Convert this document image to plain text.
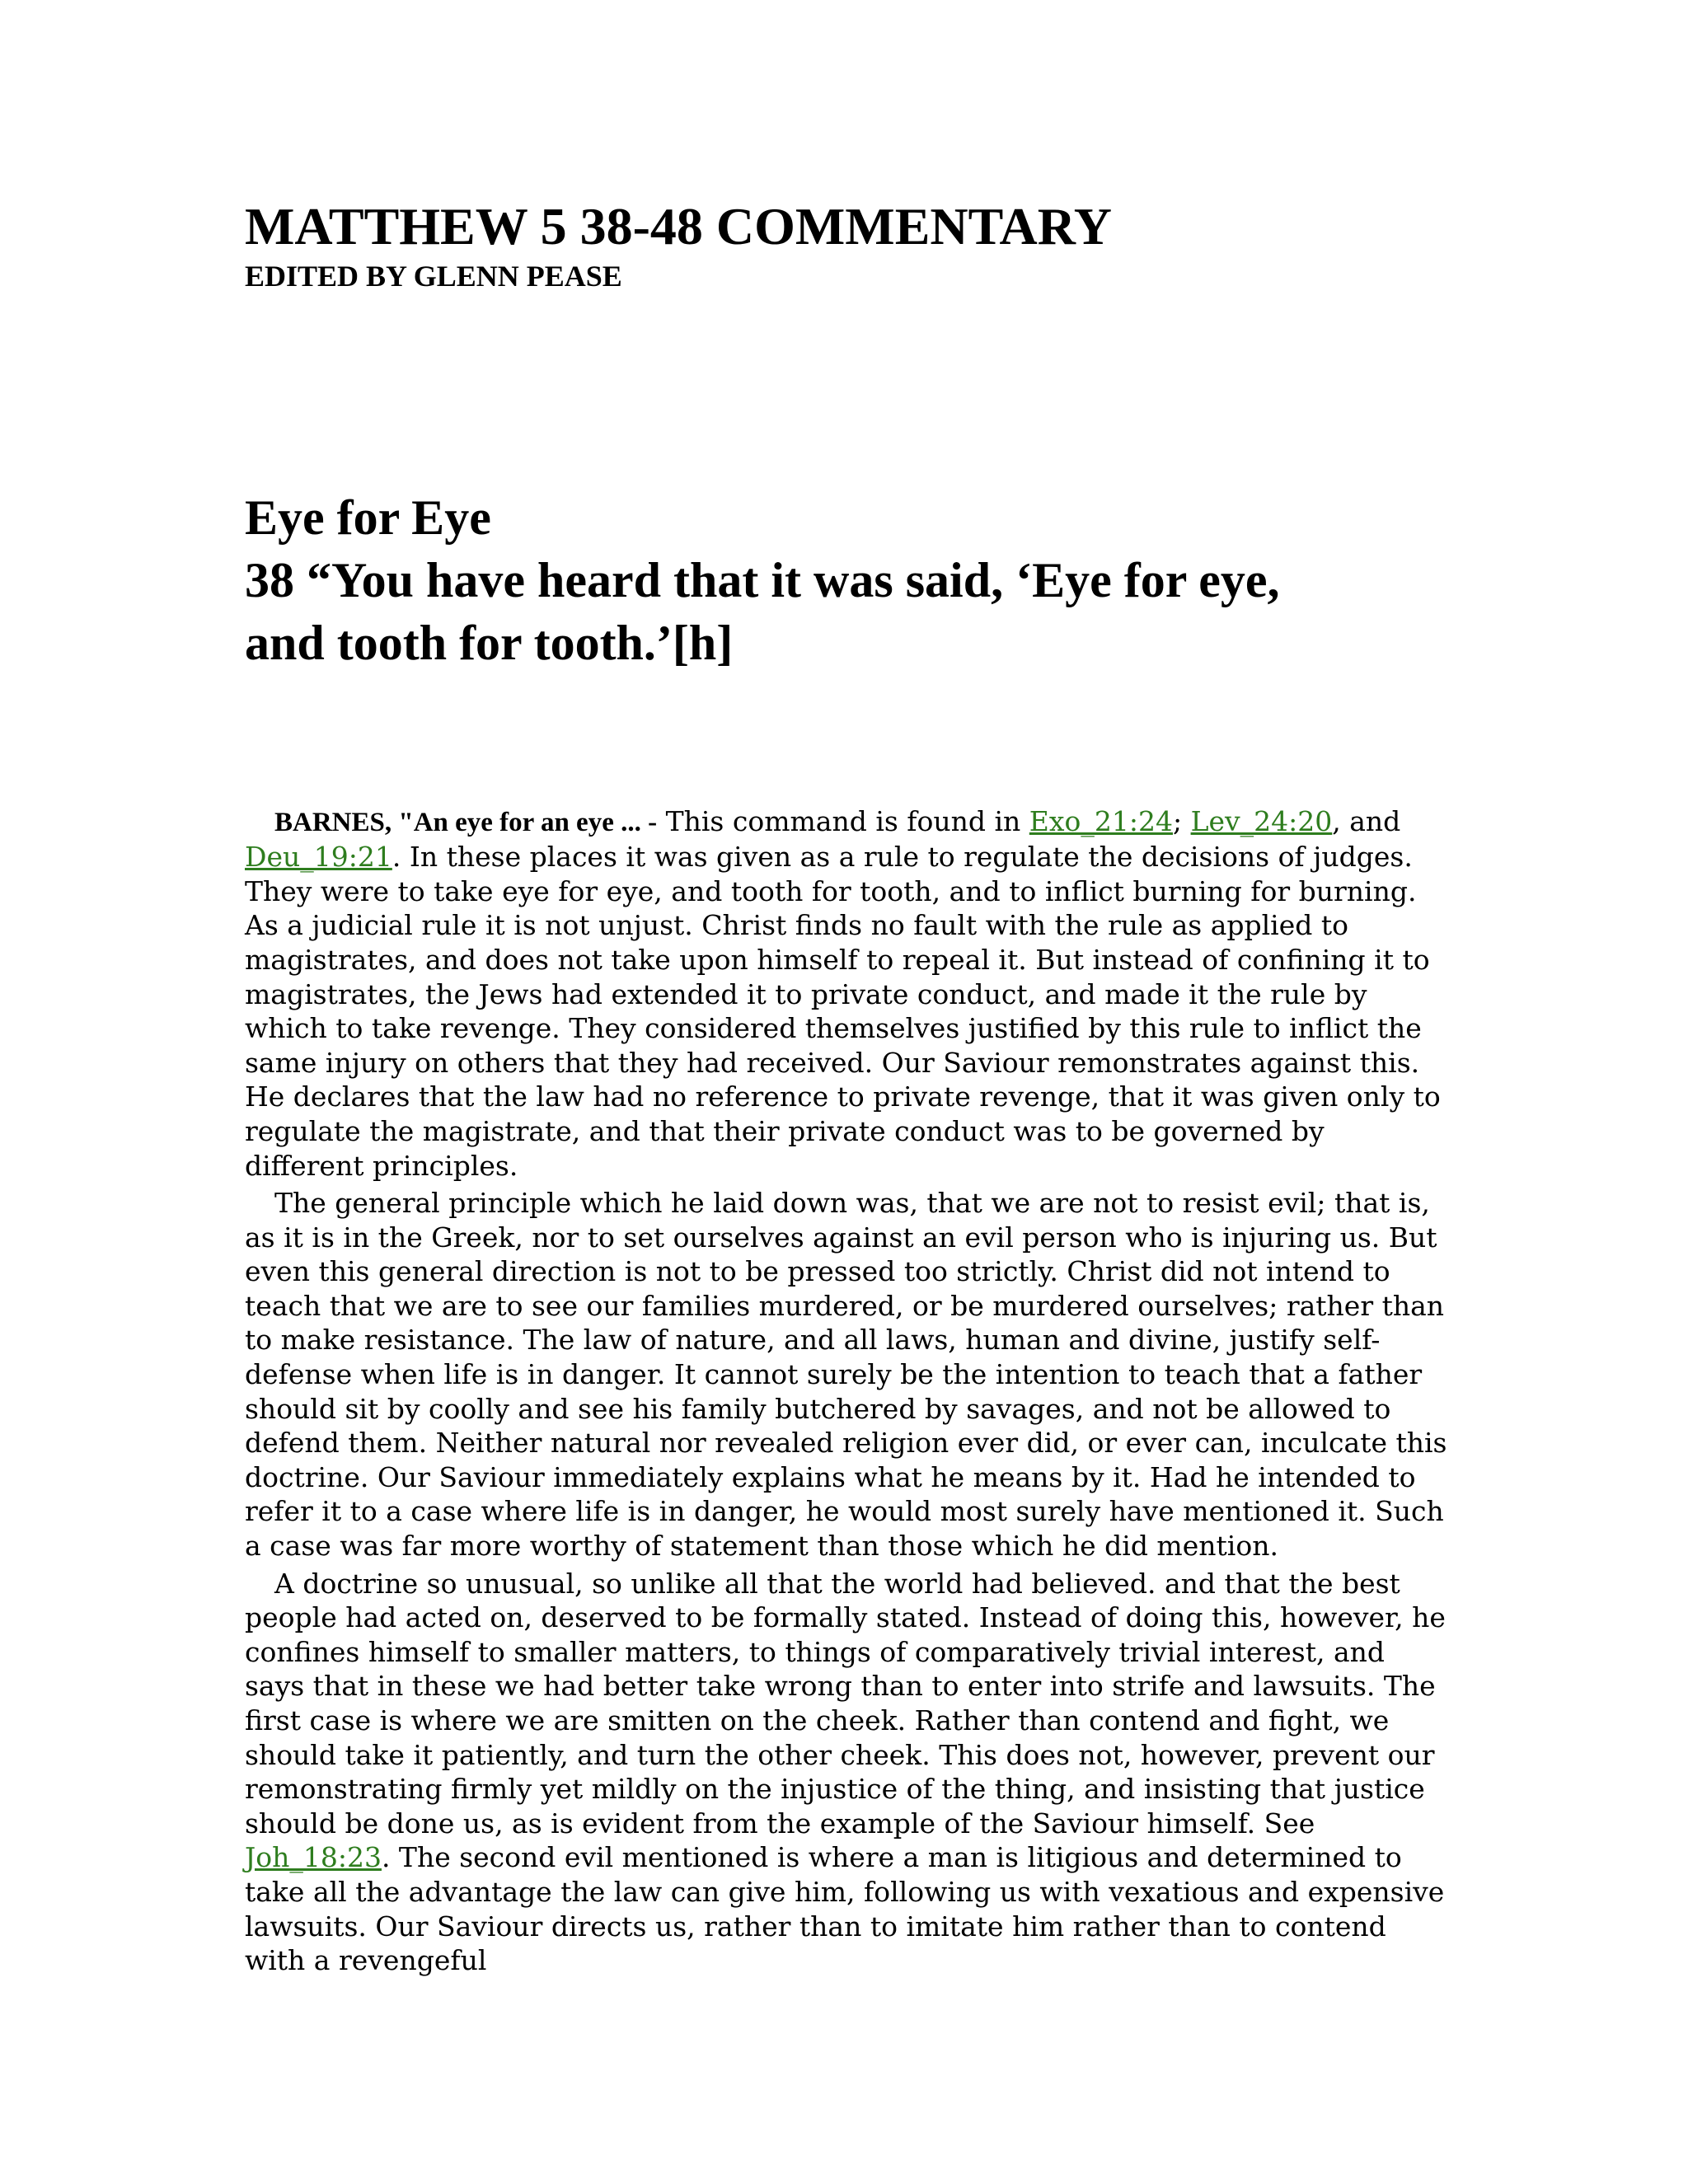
MATTHEW 5 38-48 COMMENTARY
EDITED BY GLENN PEASE
Eye for Eye
38 “You have heard that it was said, ‘Eye for eye,
and tooth for tooth.’[h]

BARNES, "An eye for an eye ... - This command is found in Exo_21:24; Lev_24:20, and Deu_19:21. In these places it was given as a rule to regulate the decisions of judges. They were to take eye for eye, and tooth for tooth, and to inflict burning for burning. As a judicial rule it is not unjust. Christ finds no fault with the rule as applied to magistrates, and does not take upon himself to repeal it. But instead of confining it to magistrates, the Jews had extended it to private conduct, and made it the rule by which to take revenge. They considered themselves justified by this rule to inflict the same injury on others that they had received. Our Saviour remonstrates against this. He declares that the law had no reference to private revenge, that it was given only to regulate the magistrate, and that their private conduct was to be governed by different principles.

The general principle which he laid down was, that we are not to resist evil; that is, as it is in the Greek, nor to set ourselves against an evil person who is injuring us. But even this general direction is not to be pressed too strictly. Christ did not intend to teach that we are to see our families murdered, or be murdered ourselves; rather than to make resistance. The law of nature, and all laws, human and divine, justify self-defense when life is in danger. It cannot surely be the intention to teach that a father should sit by coolly and see his family butchered by savages, and not be allowed to defend them. Neither natural nor revealed religion ever did, or ever can, inculcate this doctrine. Our Saviour immediately explains what he means by it. Had he intended to refer it to a case where life is in danger, he would most surely have mentioned it. Such a case was far more worthy of statement than those which he did mention.

A doctrine so unusual, so unlike all that the world had believed. and that the best people had acted on, deserved to be formally stated. Instead of doing this, however, he confines himself to smaller matters, to things of comparatively trivial interest, and says that in these we had better take wrong than to enter into strife and lawsuits. The first case is where we are smitten on the cheek. Rather than contend and fight, we should take it patiently, and turn the other cheek. This does not, however, prevent our remonstrating firmly yet mildly on the injustice of the thing, and insisting that justice should be done us, as is evident from the example of the Saviour himself. See Joh_18:23. The second evil mentioned is where a man is litigious and determined to take all the advantage the law can give him, following us with vexatious and expensive lawsuits. Our Saviour directs us, rather than to imitate him rather than to contend with a revengeful
